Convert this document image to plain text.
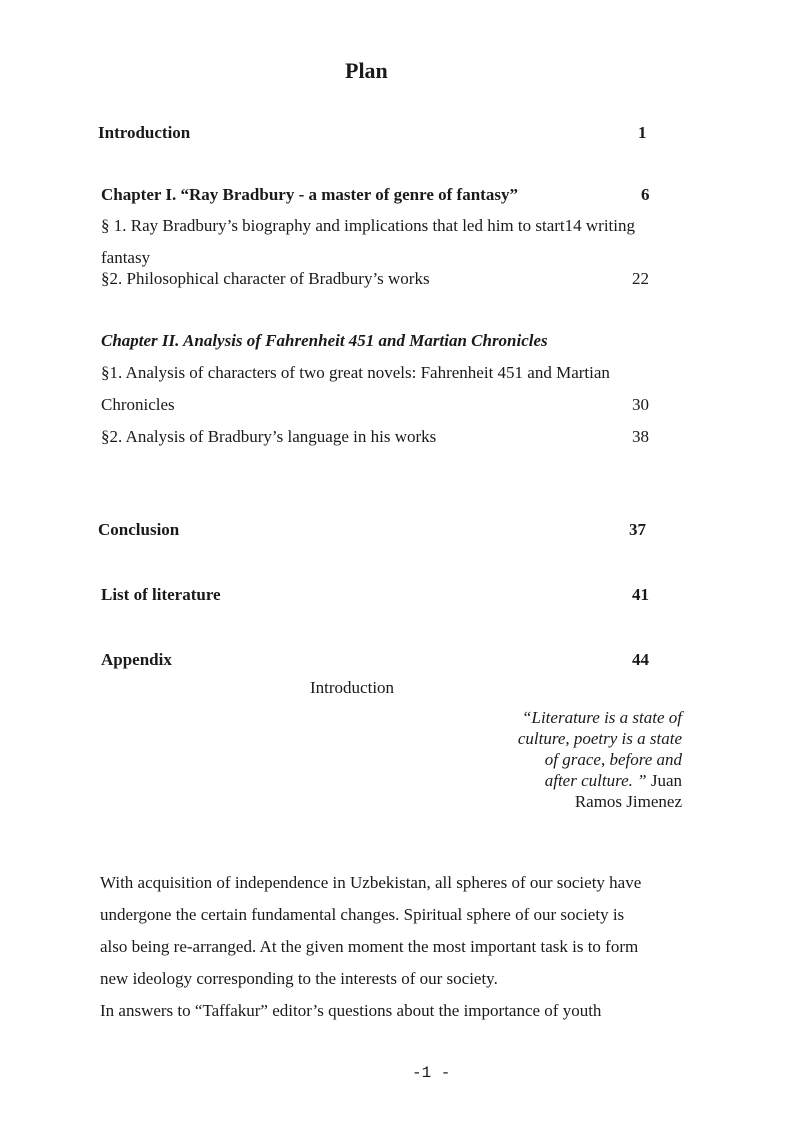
Plan
Introduction	1
Chapter I. “Ray Bradbury - a master of genre of fantasy”	6
§ 1. Ray Bradbury’s biography and implications that led him to start14 writing
fantasy
§2. Philosophical character of Bradbury’s works	22
Chapter II. Analysis of Fahrenheit 451 and Martian Chronicles
§1. Analysis of characters of two great novels: Fahrenheit 451 and Martian
Chronicles	30
§2. Analysis of Bradbury’s language in his works	38
Conclusion	37
List of literature	41
Appendix	44
Introduction
“Literature is a state of
culture, poetry is a state
of grace, before and
after culture. ” Juan
Ramos Jimenez
With acquisition of independence in Uzbekistan, all spheres of our society have
undergone the certain fundamental changes. Spiritual sphere of our society is
also being re-arranged. At the given moment the most important task is to form
new ideology corresponding to the interests of our society.
In answers to “Taffakur” editor’s questions about the importance of youth
-1 -
